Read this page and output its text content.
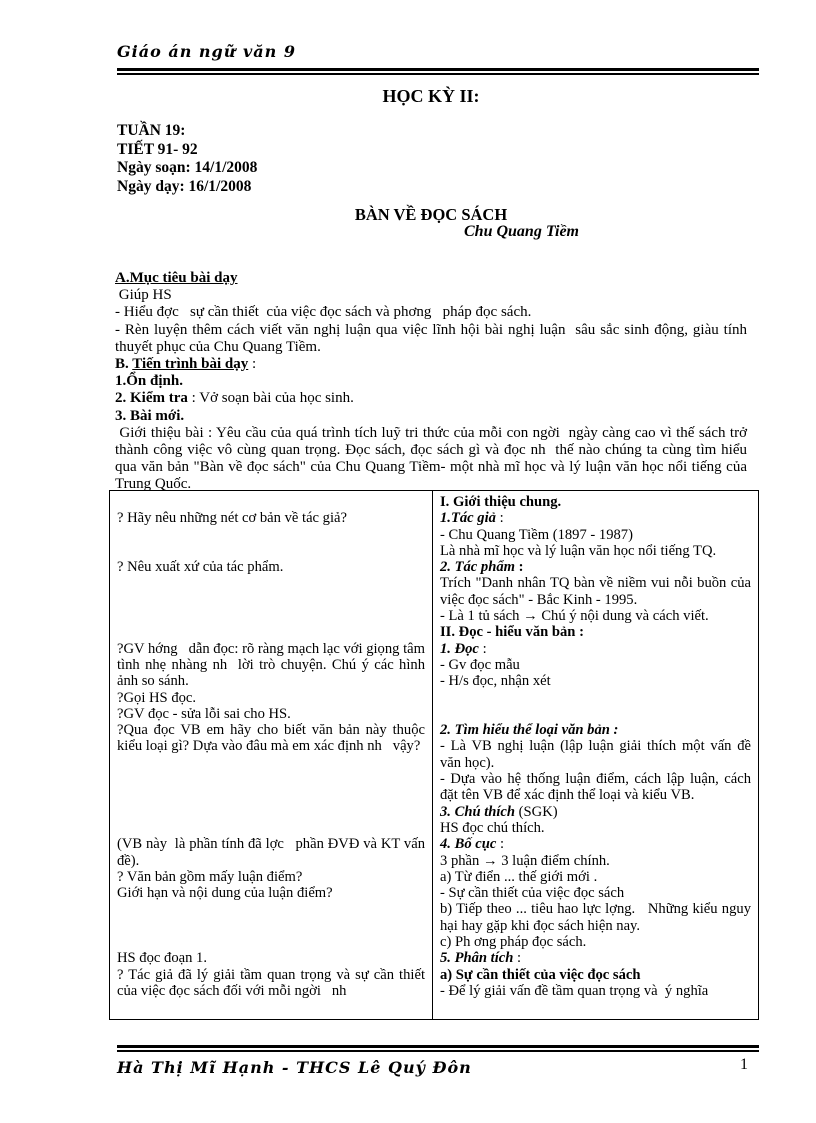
Giáo án ngữ văn 9
HỌC KỲ II:
TUẦN 19:
TIẾT 91- 92
Ngày soạn: 14/1/2008
Ngày dạy: 16/1/2008
BÀN VỀ ĐỌC SÁCH
Chu Quang Tiềm
A.Mục tiêu bài dạy
Giúp HS
- Hiểu đợc   sự cần thiết  của việc đọc sách và phơng   pháp đọc sách.
- Rèn luyện thêm cách viết văn nghị luận qua việc lĩnh hội bài nghị luận  sâu sắc sinh động, giàu tính thuyết phục của Chu Quang Tiềm.
B. Tiến trình bài dạy :
1.Ổn định.
2. Kiểm tra : Vở soạn bài của học sinh.
3. Bài mới.
Giới thiệu bài : Yêu cầu của quá trình tích luỹ tri thức của mỗi con ngời  ngày càng cao vì thế sách trở thành công việc vô cùng quan trọng. Đọc sách, đọc sách gì và đọc nh  thế nào chúng ta cùng tìm hiểu qua văn bản "Bàn về đọc sách" của Chu Quang Tiềm- một nhà mĩ học và lý luận văn học nổi tiếng của Trung Quốc.

? Hãy nêu những nét cơ bản về tác giả?

? Nêu xuất xứ của tác phẩm.

?GV hớng   dẫn đọc: rõ ràng mạch lạc với giọng tâm tình nhẹ nhàng nh  lời trò chuyện. Chú ý các hình ảnh so sánh.
?Gọi HS đọc.
?GV đọc - sửa lỗi sai cho HS.
?Qua đọc VB em hãy cho biết văn bản này thuộc kiểu loại gì? Dựa vào đâu mà em xác định nh   vậy?

(VB này  là phần tính đã lợc   phần ĐVĐ và KT vấn đề).
? Văn bản gồm mấy luận điểm?
Giới hạn và nội dung của luận điểm?

HS đọc đoạn 1.
? Tác giả đã lý giải tầm quan trọng và sự cần thiết  của việc đọc sách đối với mỗi ngời   nh
I. Giới thiệu chung.
1.Tác giả :
- Chu Quang Tiềm (1897 - 1987)
Là nhà mĩ học và lý luận văn học nổi tiếng TQ.
2. Tác phẩm :
Trích "Danh nhân TQ bàn về niềm vui nỗi buồn của việc đọc sách" - Bắc Kinh - 1995.
- Là 1 tủ sách → Chú ý nội dung và cách viết.
II. Đọc - hiểu văn bản :
1. Đọc :
- Gv đọc mẫu
- H/s đọc, nhận xét

2. Tìm hiểu thể loại văn bản :
- Là VB nghị luận (lập luận giải thích một vấn đề văn học).
- Dựa vào hệ thống luận điểm, cách lập luận, cách đặt tên VB để xác định thể loại và kiểu VB.
3. Chú thích (SGK)
HS đọc chú thích.
4. Bố cục :
3 phần → 3 luận điểm chính.
a) Từ điển ... thế giới mới .
- Sự cần thiết của việc đọc sách
b) Tiếp theo ... tiêu hao lực lợng.   Những kiểu nguy hại hay gặp khi đọc sách hiện nay.
c) Ph ơng pháp đọc sách.
5. Phân tích :
a) Sự cần thiết của việc đọc sách
- Để lý giải vấn đề tầm quan trọng và  ý nghĩa
Hà Thị Mĩ Hạnh - THCS Lê Quý Đôn	1
